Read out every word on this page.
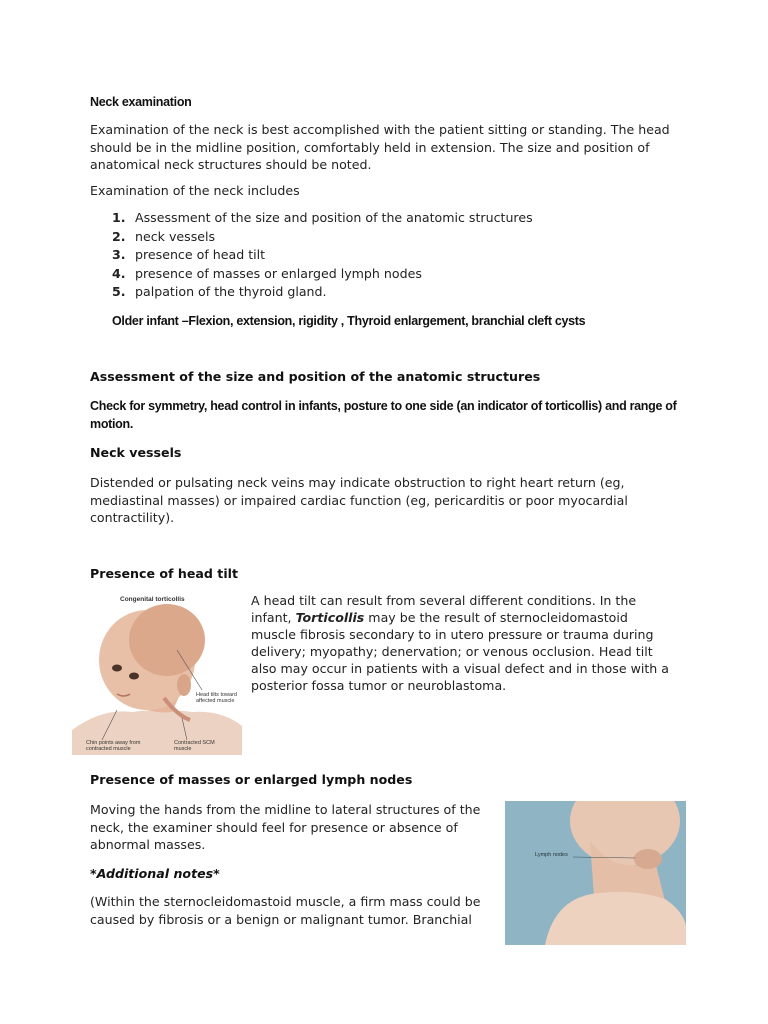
Neck examination
Examination of the neck is best accomplished with the patient sitting or standing. The head should be in the midline position, comfortably held in extension. The size and position of anatomical neck structures should be noted.
Examination of the neck includes
1. Assessment of the size and position of the anatomic structures
2. neck vessels
3. presence of head tilt
4. presence of masses or enlarged lymph nodes
5. palpation of the thyroid gland.
Older infant –Flexion, extension, rigidity , Thyroid enlargement, branchial cleft cysts
Assessment of the size and position of the anatomic structures
Check for symmetry, head control in infants, posture to one side (an indicator of torticollis) and range of motion.
Neck vessels
Distended or pulsating neck veins may indicate obstruction to right heart return (eg, mediastinal masses) or impaired cardiac function (eg, pericarditis or poor myocardial contractility).
Presence of head tilt
Congenital torticollis
Head tilts toward affected muscle
Chin points away from contracted muscle
Contracted SCM muscle
A head tilt can result from several different conditions. In the infant, Torticollis may be the result of sternocleidomastoid muscle fibrosis secondary to in utero pressure or trauma during delivery; myopathy; denervation; or venous occlusion. Head tilt also may occur in patients with a visual defect and in those with a posterior fossa tumor or neuroblastoma.
Presence of masses or enlarged lymph nodes
Moving the hands from the midline to lateral structures of the neck, the examiner should feel for presence or absence of abnormal masses.
*Additional notes*
(Within the sternocleidomastoid muscle, a firm mass could be caused by fibrosis or a benign or malignant tumor. Branchial
Lymph nodes
